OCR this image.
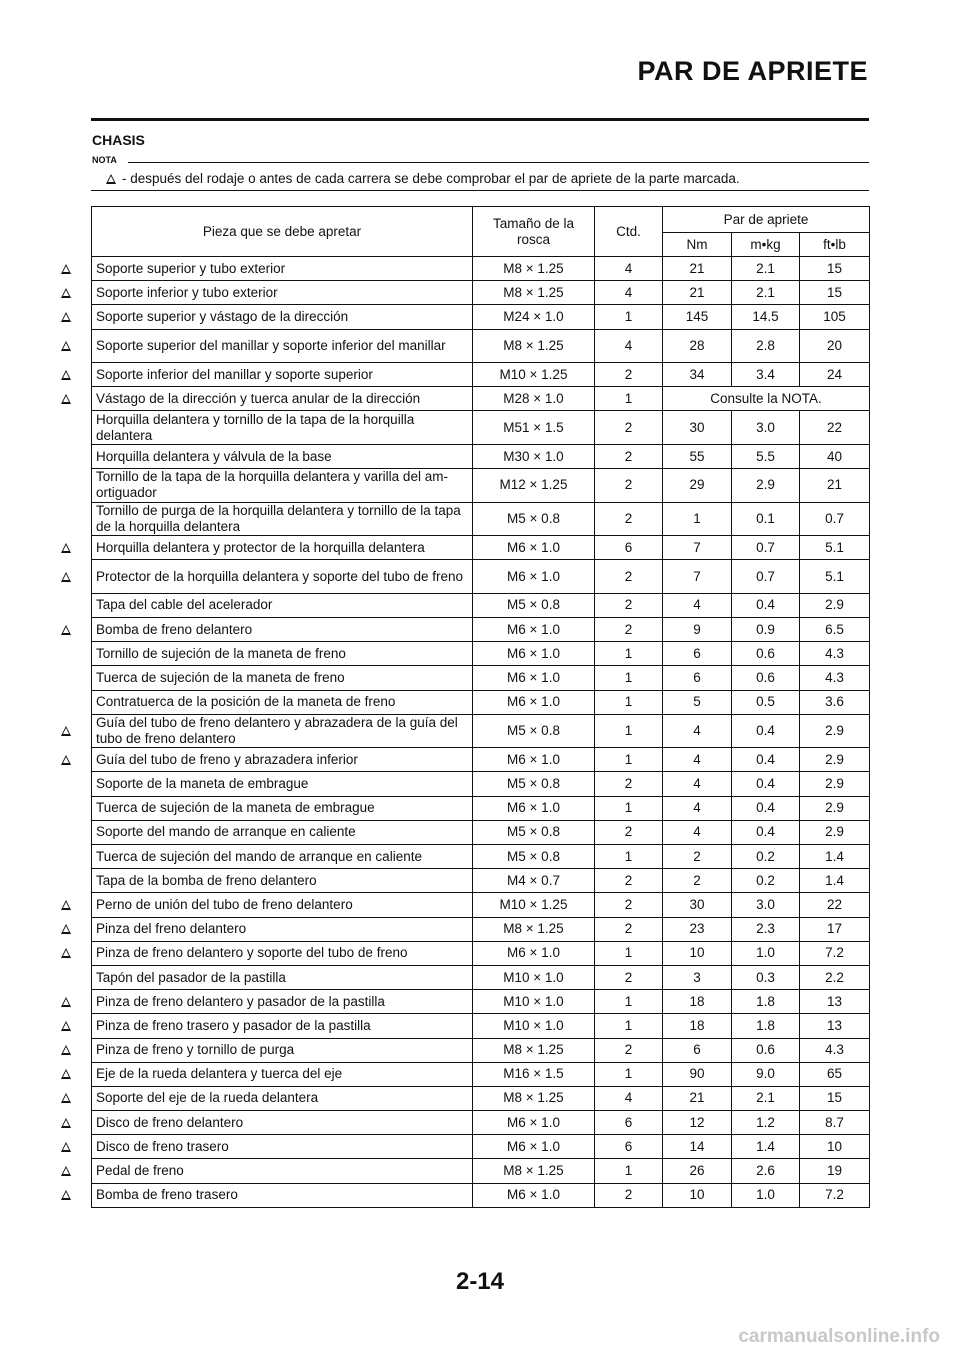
PAR DE APRIETE
CHASIS
NOTA
- después del rodaje o antes de cada carrera se debe comprobar el par de apriete de la parte marcada.
Pieza que se debe apretar	Tamaño de la rosca	Ctd.	Par de apriete		
			Nm	m•kg	ft•lb
Soporte superior y tubo exterior	M8 × 1.25	4	21	2.1	15
Soporte inferior y tubo exterior	M8 × 1.25	4	21	2.1	15
Soporte superior y vástago de la dirección	M24 × 1.0	1	145	14.5	105
Soporte superior del manillar y soporte inferior del manillar	M8 × 1.25	4	28	2.8	20
Soporte inferior del manillar y soporte superior	M10 × 1.25	2	34	3.4	24
Vástago de la dirección y tuerca anular de la dirección	M28 × 1.0	1	Consulte la NOTA.		
Horquilla delantera y tornillo de la tapa de la horquilla delantera	M51 × 1.5	2	30	3.0	22
Horquilla delantera y válvula de la base	M30 × 1.0	2	55	5.5	40
Tornillo de la tapa de la horquilla delantera y varilla del am-ortiguador	M12 × 1.25	2	29	2.9	21
Tornillo de purga de la horquilla delantera y tornillo de la tapa de la horquilla delantera	M5 × 0.8	2	1	0.1	0.7
Horquilla delantera y protector de la horquilla delantera	M6 × 1.0	6	7	0.7	5.1
Protector de la horquilla delantera y soporte del tubo de freno	M6 × 1.0	2	7	0.7	5.1
Tapa del cable del acelerador	M5 × 0.8	2	4	0.4	2.9
Bomba de freno delantero	M6 × 1.0	2	9	0.9	6.5
Tornillo de sujeción de la maneta de freno	M6 × 1.0	1	6	0.6	4.3
Tuerca de sujeción de la maneta de freno	M6 × 1.0	1	6	0.6	4.3
Contratuerca de la posición de la maneta de freno	M6 × 1.0	1	5	0.5	3.6
Guía del tubo de freno delantero y abrazadera de la guía del tubo de freno delantero	M5 × 0.8	1	4	0.4	2.9
Guía del tubo de freno y abrazadera inferior	M6 × 1.0	1	4	0.4	2.9
Soporte de la maneta de embrague	M5 × 0.8	2	4	0.4	2.9
Tuerca de sujeción de la maneta de embrague	M6 × 1.0	1	4	0.4	2.9
Soporte del mando de arranque en caliente	M5 × 0.8	2	4	0.4	2.9
Tuerca de sujeción del mando de arranque en caliente	M5 × 0.8	1	2	0.2	1.4
Tapa de la bomba de freno delantero	M4 × 0.7	2	2	0.2	1.4
Perno de unión del tubo de freno delantero	M10 × 1.25	2	30	3.0	22
Pinza del freno delantero	M8 × 1.25	2	23	2.3	17
Pinza de freno delantero y soporte del tubo de freno	M6 × 1.0	1	10	1.0	7.2
Tapón del pasador de la pastilla	M10 × 1.0	2	3	0.3	2.2
Pinza de freno delantero y pasador de la pastilla	M10 × 1.0	1	18	1.8	13
Pinza de freno trasero y pasador de la pastilla	M10 × 1.0	1	18	1.8	13
Pinza de freno y tornillo de purga	M8 × 1.25	2	6	0.6	4.3
Eje de la rueda delantera y tuerca del eje	M16 × 1.5	1	90	9.0	65
Soporte del eje de la rueda delantera	M8 × 1.25	4	21	2.1	15
Disco de freno delantero	M6 × 1.0	6	12	1.2	8.7
Disco de freno trasero	M6 × 1.0	6	14	1.4	10
Pedal de freno	M8 × 1.25	1	26	2.6	19
Bomba de freno trasero	M6 × 1.0	2	10	1.0	7.2
2-14
carmanualsonline.info
